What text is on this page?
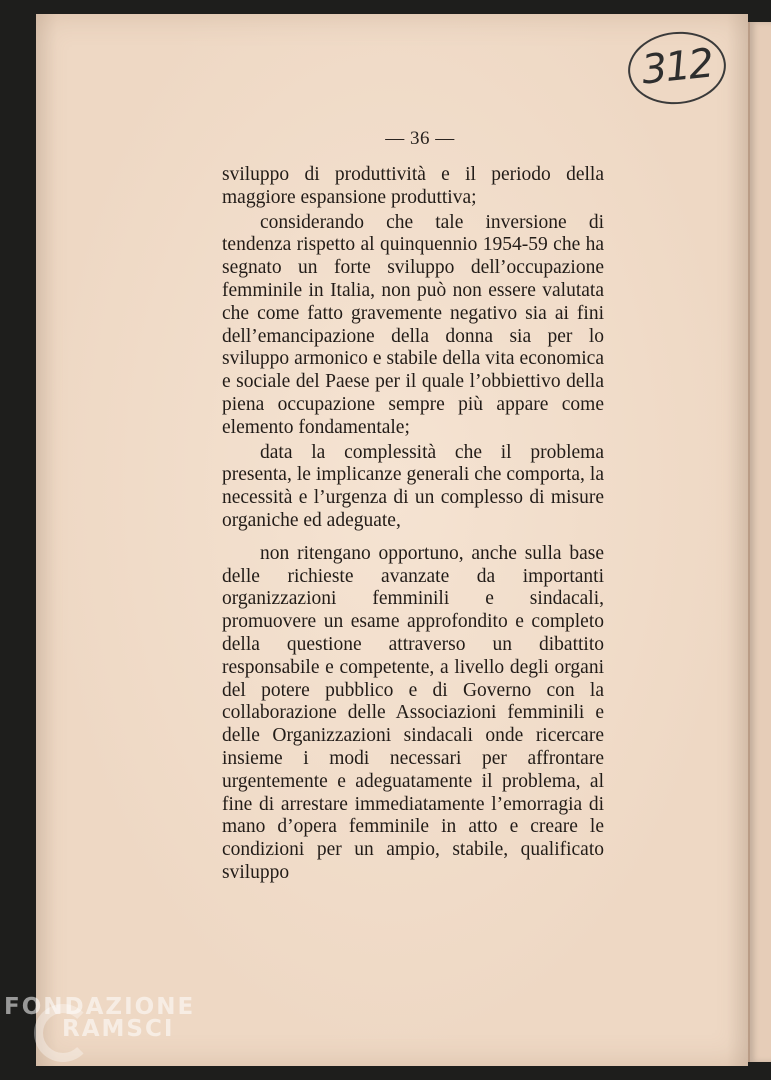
312
— 36 —

sviluppo di produttività e il periodo della maggiore espansione produttiva;

considerando che tale inversione di tendenza rispetto al quinquennio 1954-59 che ha segnato un forte sviluppo dell’occupazione femminile in Italia, non può non essere valutata che come fatto gravemente negativo sia ai fini dell’emancipazione della donna sia per lo sviluppo armonico e stabile della vita economica e sociale del Paese per il quale l’obbiettivo della piena occupazione sempre più appare come elemento fondamentale;

data la complessità che il problema presenta, le implicanze generali che comporta, la necessità e l’urgenza di un complesso di misure organiche ed adeguate,

non ritengano opportuno, anche sulla base delle richieste avanzate da importanti organizzazioni femminili e sindacali, promuovere un esame approfondito e completo della questione attraverso un dibattito responsabile e competente, a livello degli organi del potere pubblico e di Governo con la collaborazione delle Associazioni femminili e delle Organizzazioni sindacali onde ricercare insieme i modi necessari per affrontare urgentemente e adeguatamente il problema, al fine di arrestare immediatamente l’emorragia di mano d’opera femminile in atto e creare le condizioni per un ampio, stabile, qualificato sviluppo

FONDAZIONE
RAMSCI
